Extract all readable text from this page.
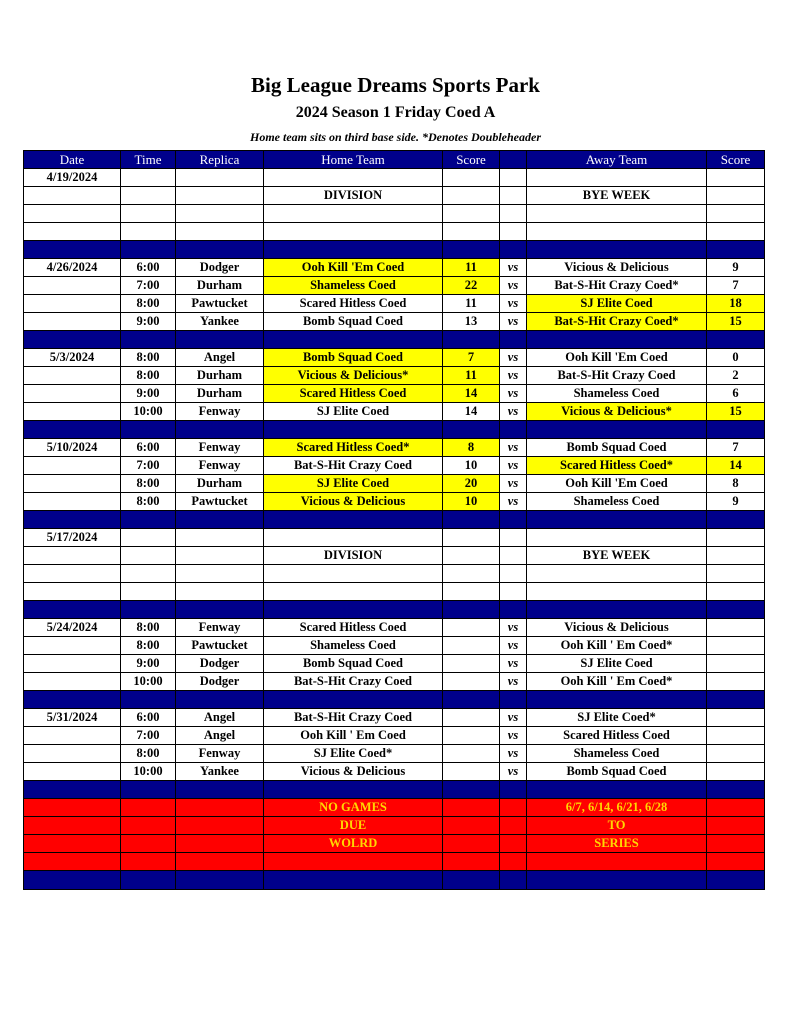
Big League Dreams Sports Park
2024 Season 1 Friday Coed A
Home team sits on third base side. *Denotes Doubleheader
Date	Time	Replica	Home Team	Score		Away Team	Score
4/19/2024							
			DIVISION			BYE WEEK	

4/26/2024	6:00	Dodger	Ooh Kill 'Em Coed	11	vs	Vicious & Delicious	9
	7:00	Durham	Shameless Coed	22	vs	Bat-S-Hit Crazy Coed*	7
	8:00	Pawtucket	Scared Hitless Coed	11	vs	SJ Elite Coed	18
	9:00	Yankee	Bomb Squad Coed	13	vs	Bat-S-Hit Crazy Coed*	15

5/3/2024	8:00	Angel	Bomb Squad Coed	7	vs	Ooh Kill 'Em Coed	0
	8:00	Durham	Vicious & Delicious*	11	vs	Bat-S-Hit Crazy Coed	2
	9:00	Durham	Scared Hitless Coed	14	vs	Shameless Coed	6
	10:00	Fenway	SJ Elite Coed	14	vs	Vicious & Delicious*	15

5/10/2024	6:00	Fenway	Scared Hitless Coed*	8	vs	Bomb Squad Coed	7
	7:00	Fenway	Bat-S-Hit Crazy Coed	10	vs	Scared Hitless Coed*	14
	8:00	Durham	SJ Elite Coed	20	vs	Ooh Kill 'Em Coed	8
	8:00	Pawtucket	Vicious & Delicious	10	vs	Shameless Coed	9

5/17/2024							
			DIVISION			BYE WEEK	

5/24/2024	8:00	Fenway	Scared Hitless Coed		vs	Vicious & Delicious	
	8:00	Pawtucket	Shameless Coed		vs	Ooh Kill ' Em Coed*	
	9:00	Dodger	Bomb Squad Coed		vs	SJ Elite Coed	
	10:00	Dodger	Bat-S-Hit Crazy Coed		vs	Ooh Kill ' Em Coed*	

5/31/2024	6:00	Angel	Bat-S-Hit Crazy Coed		vs	SJ Elite Coed*	
	7:00	Angel	Ooh Kill ' Em Coed		vs	Scared Hitless Coed	
	8:00	Fenway	SJ Elite Coed*		vs	Shameless Coed	
	10:00	Yankee	Vicious & Delicious		vs	Bomb Squad Coed	

			NO GAMES			6/7, 6/14, 6/21, 6/28	
			DUE			TO	
			WOLRD			SERIES	
